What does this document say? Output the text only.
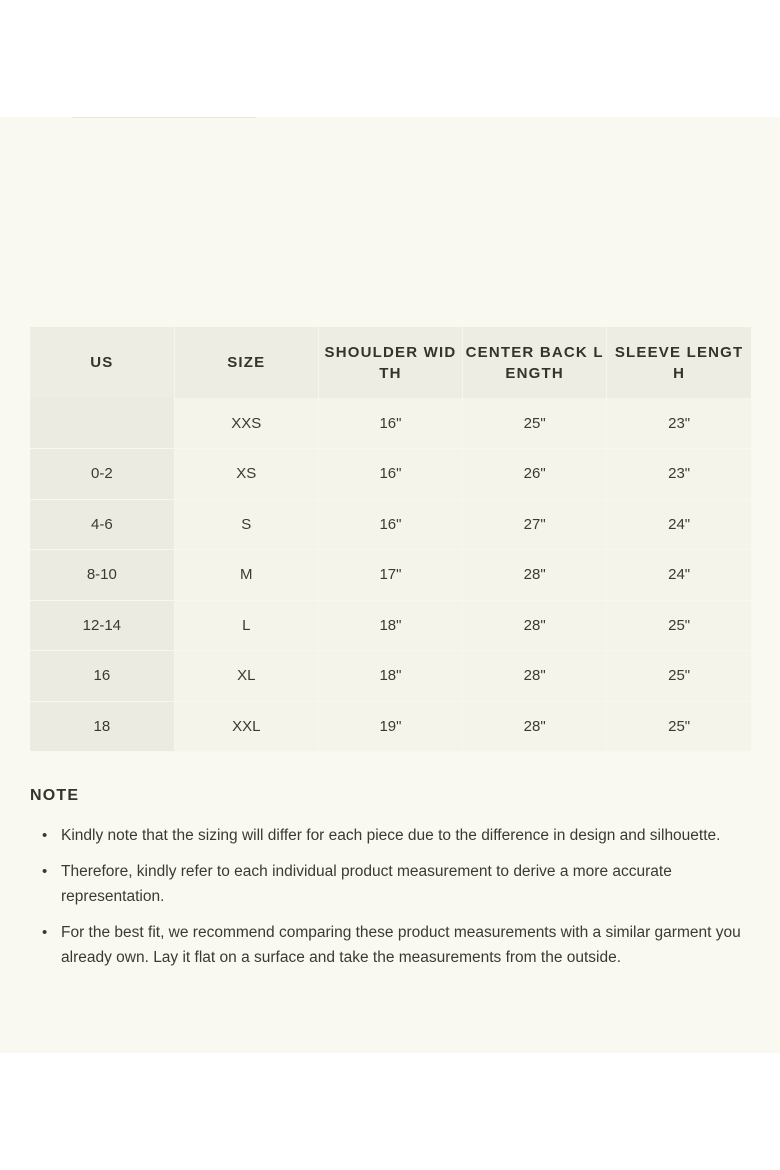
US	SIZE	SHOULDER WIDTH	CENTER BACK LENGTH	SLEEVE LENGTH
	XXS	16"	25"	23"
0-2	XS	16"	26"	23"
4-6	S	16"	27"	24"
8-10	M	17"	28"	24"
12-14	L	18"	28"	25"
16	XL	18"	28"	25"
18	XXL	19"	28"	25"
NOTE
• Kindly note that the sizing will differ for each piece due to the difference in design and silhouette.
• Therefore, kindly refer to each individual product measurement to derive a more accurate representation.
• For the best fit, we recommend comparing these product measurements with a similar garment you already own. Lay it flat on a surface and take the measurements from the outside.
